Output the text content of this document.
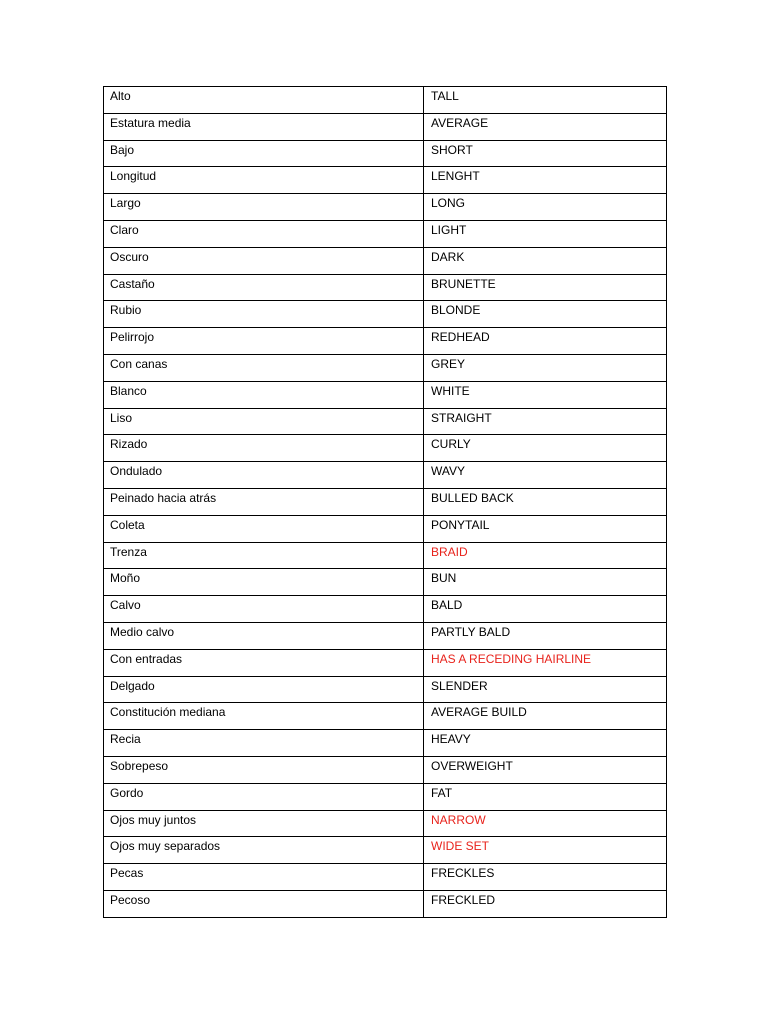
Alto	TALL
Estatura media	AVERAGE
Bajo	SHORT
Longitud	LENGHT
Largo	LONG
Claro	LIGHT
Oscuro	DARK
Castaño	BRUNETTE
Rubio	BLONDE
Pelirrojo	REDHEAD
Con canas	GREY
Blanco	WHITE
Liso	STRAIGHT
Rizado	CURLY
Ondulado	WAVY
Peinado hacia atrás	BULLED BACK
Coleta	PONYTAIL
Trenza	BRAID
Moño	BUN
Calvo	BALD
Medio calvo	PARTLY BALD
Con entradas	HAS A RECEDING HAIRLINE
Delgado	SLENDER
Constitución mediana	AVERAGE BUILD
Recia	HEAVY
Sobrepeso	OVERWEIGHT
Gordo	FAT
Ojos muy juntos	NARROW
Ojos muy separados	WIDE SET
Pecas	FRECKLES
Pecoso	FRECKLED
